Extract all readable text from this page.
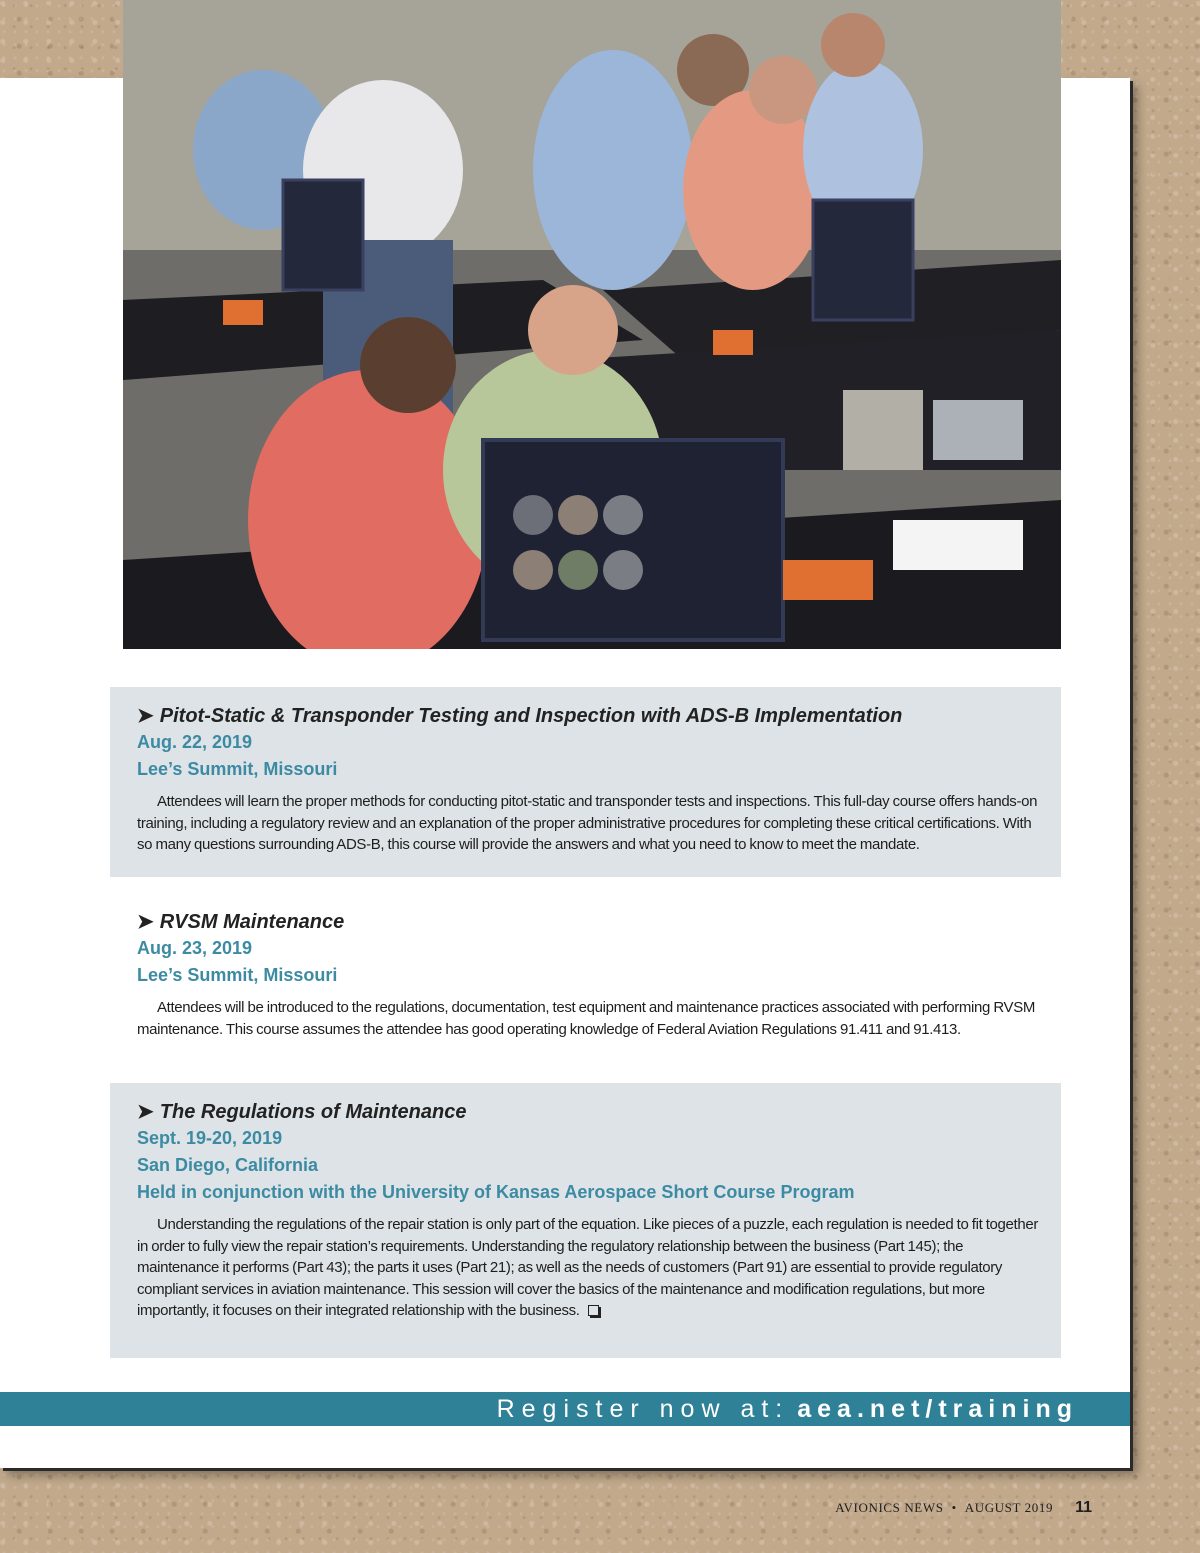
➤ Pitot-Static & Transponder Testing and Inspection with ADS-B Implementation

Aug. 22, 2019

Lee’s Summit, Missouri

Attendees will learn the proper methods for conducting pitot-static and transponder tests and inspections. This full-day course offers hands-on training, including a regulatory review and an explanation of the proper administrative procedures for completing these critical certifications. With so many questions surrounding ADS-B, this course will provide the answers and what you need to know to meet the mandate.

➤ RVSM Maintenance

Aug. 23, 2019

Lee’s Summit, Missouri

Attendees will be introduced to the regulations, documentation, test equipment and maintenance practices associated with performing RVSM maintenance. This course assumes the attendee has good operating knowledge of Federal Aviation Regulations 91.411 and 91.413.

➤ The Regulations of Maintenance

Sept. 19-20, 2019

San Diego, California

Held in conjunction with the University of Kansas Aerospace Short Course Program

Understanding the regulations of the repair station is only part of the equation. Like pieces of a puzzle, each regulation is needed to fit together in order to fully view the repair station’s requirements. Understanding the regulatory relationship between the business (Part 145); the maintenance it performs (Part 43); the parts it uses (Part 21); as well as the needs of customers (Part 91) are essential to provide regulatory compliant services in aviation maintenance. This session will cover the basics of the maintenance and modification regulations, but more importantly, it focuses on their integrated relationship with the business.

Register now at: aea.net/training
AVIONICS NEWS • AUGUST 2019 11
